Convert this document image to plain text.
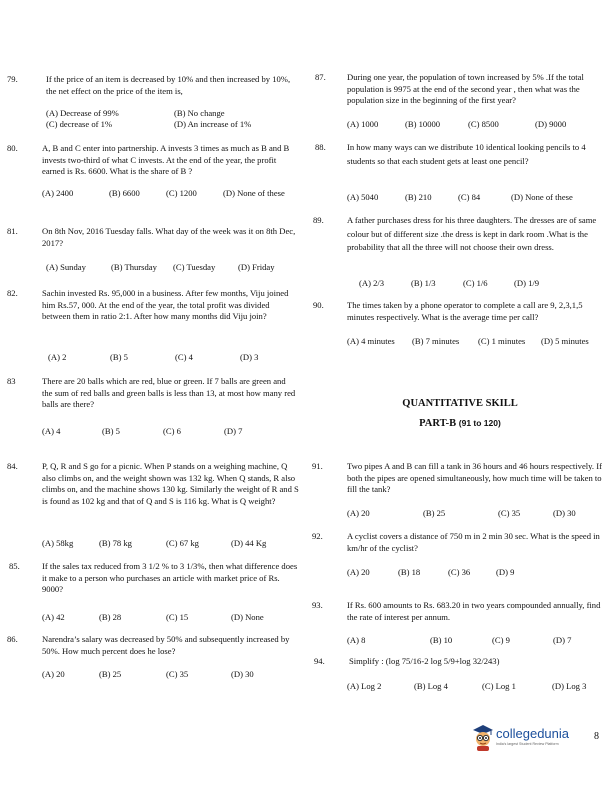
79.	If the price of an item is decreased by 10% and then increased by 10%, the net effect on the price of the item is,
(A) Decrease of 99%	(B) No change
(C) decrease of 1%	(D) An increase of 1%
80.	A, B and C enter into partnership. A invests 3 times as much as B and B invests two-third of what C invests. At the end of the year, the profit earned is Rs. 6600. What is the share of B ?
(A) 2400	(B) 6600	(C) 1200	(D) None of these
81.	On 8th Nov, 2016 Tuesday falls. What day of the week was it on 8th Dec, 2017?
(A) Sunday	(B) Thursday (C) Tuesday	(D) Friday
82.	Sachin invested Rs. 95,000 in a business. After few months, Viju joined him Rs.57, 000. At the end of the year, the total profit was divided between them in ratio 2:1. After how many months did Viju join?
(A) 2	(B) 5	(C) 4	(D) 3
83	There are 20 balls which are red, blue or green. If 7 balls are green and the sum of red balls and green balls is less than 13, at most how many red balls are there?
(A) 4	(B) 5	(C) 6	(D) 7
84.	P, Q, R and S go for a picnic. When P stands on a weighing machine, Q also climbs on, and the weight shown was 132 kg. When Q stands, R also climbs on, and the machine shows 130 kg. Similarly the weight of R and S is found as 102 kg and that of Q and S is 116 kg. What is Q weight?
(A) 58kg	(B) 78 kg	(C) 67 kg	(D) 44 Kg
85.	If the sales tax reduced from 3 1/2 % to 3 1/3%, then what difference does it make to a person who purchases an article with market price of Rs. 9000?
(A) 42	(B) 28	(C) 15	(D) None
86.	Narendra’s salary was decreased by 50% and subsequently increased by 50%. How much percent does he lose?
(A) 20	(B) 25	(C) 35	(D) 30
87. During one year, the population of town increased by 5% .If the total population is 9975 at the end of the second year , then what was the population size in the beginning of the first year?
(A) 1000	(B) 10000	(C) 8500	(D) 9000
88. In how many ways can we distribute 10 identical looking pencils to 4 students so that each student gets at least one pencil?
(A) 5040	(B) 210	(C) 84	(D) None of these
89.	A father purchases dress for his three daughters. The dresses are of same colour but of different size .the dress is kept in dark room .What is the probability that all the three will not choose their own dress.
(A) 2/3	(B) 1/3	(C) 1/6	(D) 1/9
90.	The times taken by a phone operator to complete a call are 9, 2,3,1,5 minutes respectively. What is the average time per call?
(A) 4 minutes (B) 7 minutes (C) 1 minutes (D) 5 minutes
QUANTITATIVE SKILL
PART-B (91 to 120)
91.	Two pipes A and B can fill a tank in 36 hours and 46 hours respectively. If both the pipes are opened simultaneously, how much time will be taken to fill the tank?
(A) 20	(B) 25	(C) 35	(D) 30
92.	A cyclist covers a distance of 750 m in 2 min 30 sec. What is the speed in km/hr of the cyclist?
(A) 20	(B) 18	(C) 36	(D) 9
93.	If Rs. 600 amounts to Rs. 683.20 in two years compounded annually, find the rate of interest per annum.
(A) 8	(B) 10	(C) 9	(D) 7
94.	Simplify : (log 75/16-2 log 5/9+log 32/243)
(A) Log 2	(B) Log 4	(C) Log 1	(D) Log 3
collegedunia
India's largest Student Review Platform
8
